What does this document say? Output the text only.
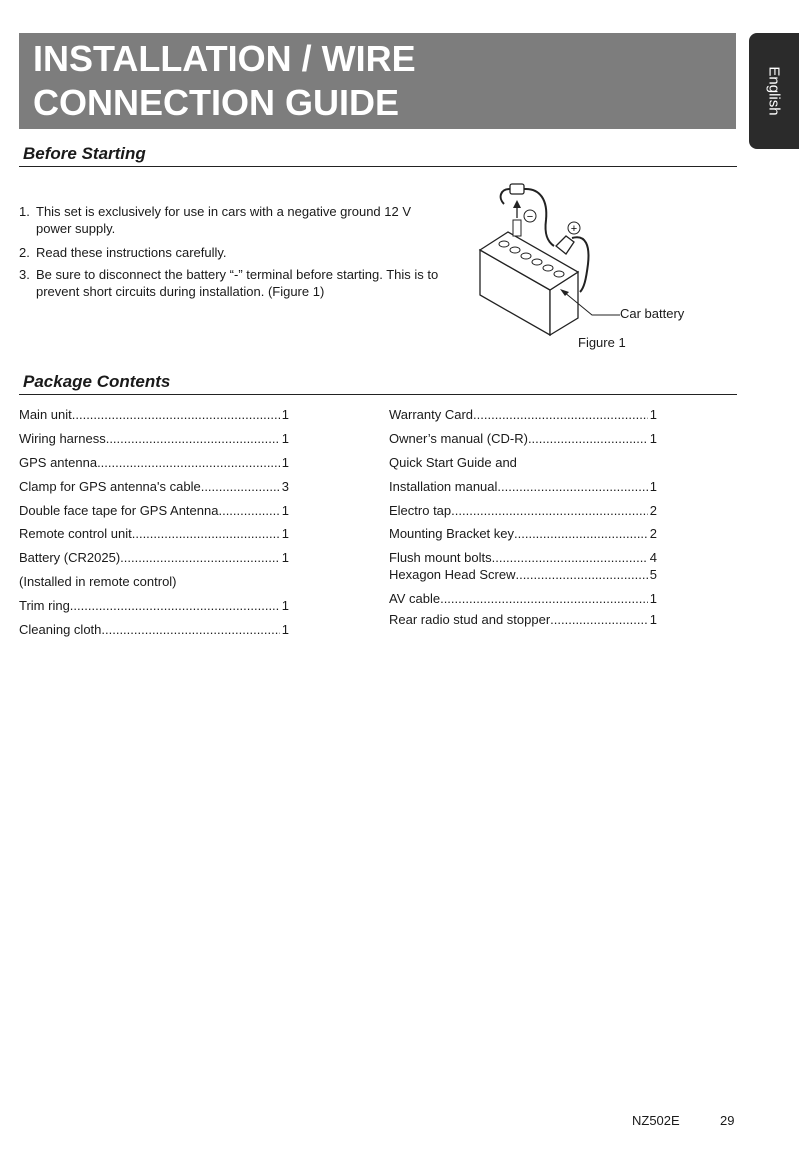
INSTALLATION / WIRE
CONNECTION GUIDE	English
Before Starting
1. This set is exclusively for use in cars with a negative ground 12 V power supply.
2. Read these instructions carefully.
3. Be sure to disconnect the battery “-” terminal before starting. This is to prevent short circuits during installation. (Figure 1)
−
+
Car battery
Figure 1
Package Contents
Main unit .....	1
Wiring harness .....	1
GPS antenna .....	1
Clamp for GPS antenna's cable .....	3
Double face tape for GPS Antenna .....	1
Remote control unit .....	1
Battery (CR2025) .....	1
(Installed in remote control)
Trim ring .....	1
Cleaning cloth .....	1
Warranty Card .....	1
Owner’s manual (CD-R) .....	1
Quick Start Guide and
Installation manual .....	1
Electro tap .....	2
Mounting Bracket key .....	2
Flush mount bolts .....	4
Hexagon Head Screw .....	5
AV cable .....	1
Rear radio stud and stopper .....	1
NZ502E	29
